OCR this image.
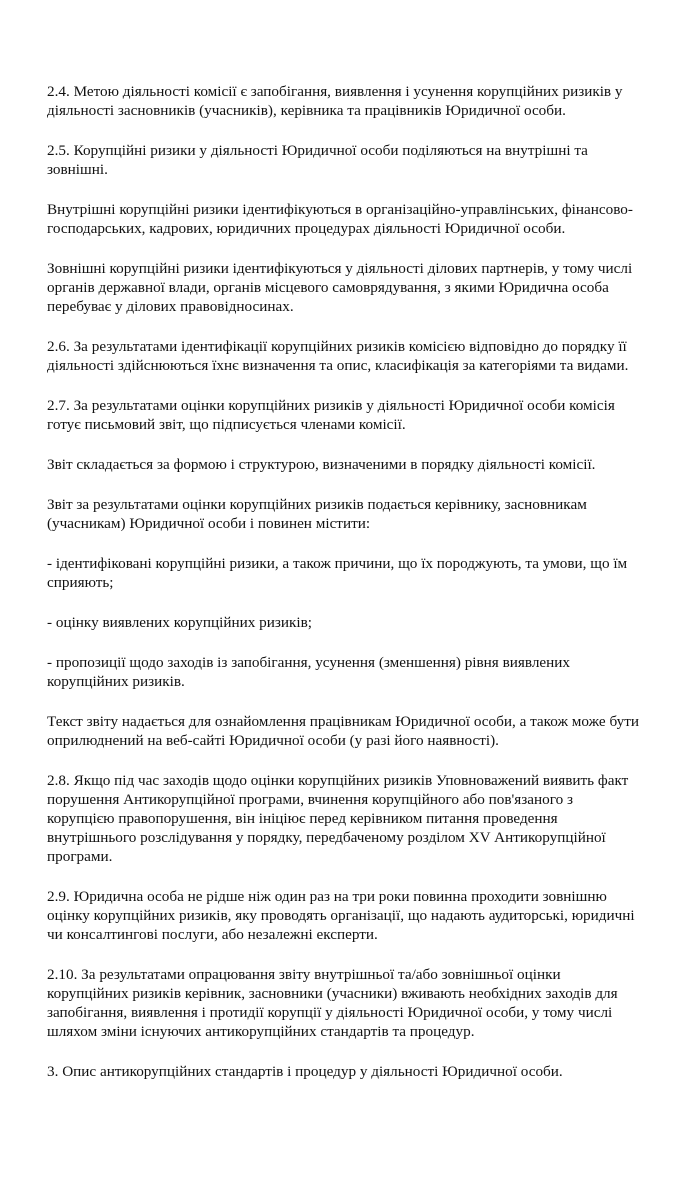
2.4. Метою діяльності комісії є запобігання, виявлення і усунення корупційних ризиків у
діяльності засновників (учасників), керівника та працівників Юридичної особи.
2.5. Корупційні ризики у діяльності Юридичної особи поділяються на внутрішні та
зовнішні.
Внутрішні корупційні ризики ідентифікуються в організаційно-управлінських, фінансово-
господарських, кадрових, юридичних процедурах діяльності Юридичної особи.
Зовнішні корупційні ризики ідентифікуються у діяльності ділових партнерів, у тому числі
органів державної влади, органів місцевого самоврядування, з якими Юридична особа
перебуває у ділових правовідносинах.
2.6. За результатами ідентифікації корупційних ризиків комісією відповідно до порядку її
діяльності здійснюються їхнє визначення та опис, класифікація за категоріями та видами.
2.7. За результатами оцінки корупційних ризиків у діяльності Юридичної особи комісія
готує письмовий звіт, що підписується членами комісії.
Звіт складається за формою і структурою, визначеними в порядку діяльності комісії.
Звіт за результатами оцінки корупційних ризиків подається керівнику, засновникам
(учасникам) Юридичної особи і повинен містити:
- ідентифіковані корупційні ризики, а також причини, що їх породжують, та умови, що їм
сприяють;
- оцінку виявлених корупційних ризиків;
- пропозиції щодо заходів із запобігання, усунення (зменшення) рівня виявлених
корупційних ризиків.
Текст звіту надається для ознайомлення працівникам Юридичної особи, а також може бути
оприлюднений на веб-сайті Юридичної особи (у разі його наявності).
2.8. Якщо під час заходів щодо оцінки корупційних ризиків Уповноважений виявить факт
порушення Антикорупційної програми, вчинення корупційного або пов'язаного з
корупцією правопорушення, він ініціює перед керівником питання проведення
внутрішнього розслідування у порядку, передбаченому розділом XV Антикорупційної
програми.
2.9. Юридична особа не рідше ніж один раз на три роки повинна проходити зовнішню
оцінку корупційних ризиків, яку проводять організації, що надають аудиторські, юридичні
чи консалтингові послуги, або незалежні експерти.
2.10. За результатами опрацювання звіту внутрішньої та/або зовнішньої оцінки
корупційних ризиків керівник, засновники (учасники) вживають необхідних заходів для
запобігання, виявлення і протидії корупції у діяльності Юридичної особи, у тому числі
шляхом зміни існуючих антикорупційних стандартів та процедур.
3. Опис антикорупційних стандартів і процедур у діяльності Юридичної особи.
